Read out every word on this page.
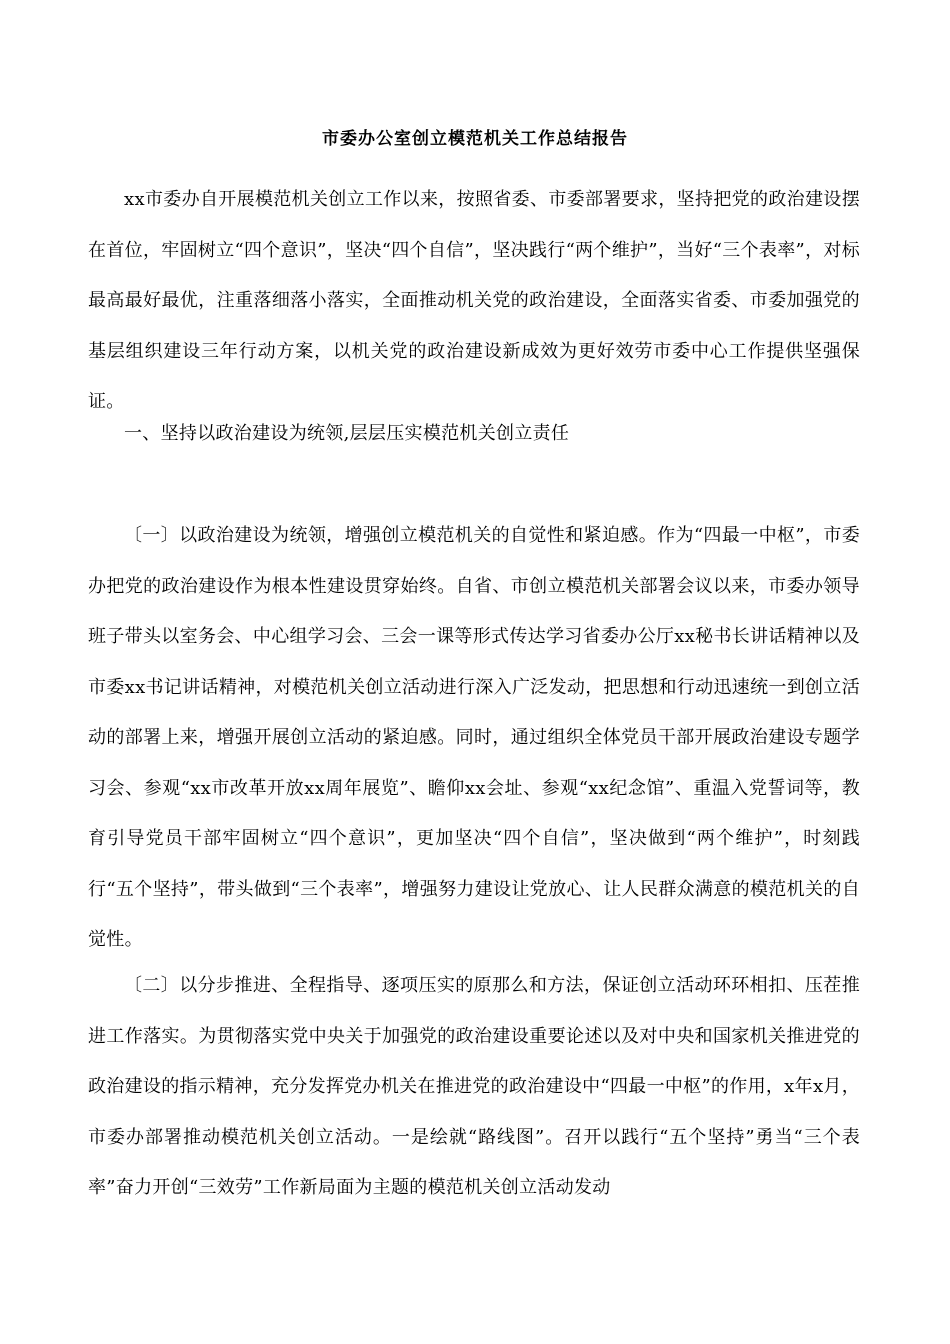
市委办公室创立模范机关工作总结报告

xx市委办自开展模范机关创立工作以来，按照省委、市委部署要求，坚持把党的政治建设摆在首位，牢固树立“四个意识”，坚决“四个自信”，坚决践行“两个维护”，当好“三个表率”，对标最高最好最优，注重落细落小落实，全面推动机关党的政治建设，全面落实省委、市委加强党的基层组织建设三年行动方案，以机关党的政治建设新成效为更好效劳市委中心工作提供坚强保证。

一、坚持以政治建设为统领,层层压实模范机关创立责任

〔一〕以政治建设为统领，增强创立模范机关的自觉性和紧迫感。作为“四最一中枢”，市委办把党的政治建设作为根本性建设贯穿始终。自省、市创立模范机关部署会议以来，市委办领导班子带头以室务会、中心组学习会、三会一课等形式传达学习省委办公厅xx秘书长讲话精神以及市委xx书记讲话精神，对模范机关创立活动进行深入广泛发动，把思想和行动迅速统一到创立活动的部署上来，增强开展创立活动的紧迫感。同时，通过组织全体党员干部开展政治建设专题学习会、参观“xx市改革开放xx周年展览”、瞻仰xx会址、参观“xx纪念馆”、重温入党誓词等，教育引导党员干部牢固树立“四个意识”，更加坚决“四个自信”，坚决做到“两个维护”，时刻践行“五个坚持”，带头做到“三个表率”，增强努力建设让党放心、让人民群众满意的模范机关的自觉性。

〔二〕以分步推进、全程指导、逐项压实的原那么和方法，保证创立活动环环相扣、压茬推进工作落实。为贯彻落实党中央关于加强党的政治建设重要论述以及对中央和国家机关推进党的政治建设的指示精神，充分发挥党办机关在推进党的政治建设中“四最一中枢”的作用，x年x月，市委办部署推动模范机关创立活动。一是绘就“路线图”。召开以践行“五个坚持”勇当“三个表率”奋力开创“三效劳”工作新局面为主题的模范机关创立活动发动
